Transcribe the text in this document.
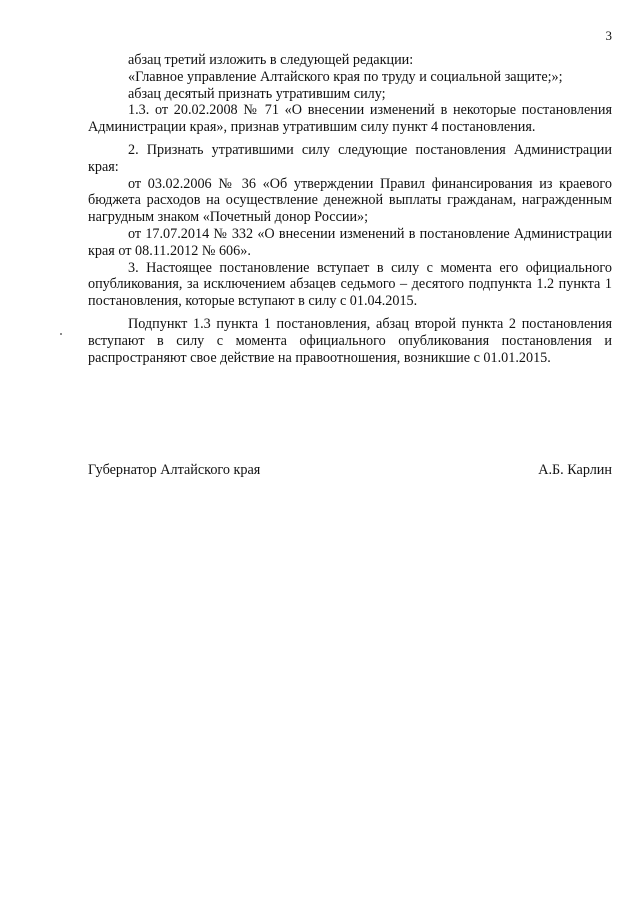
3

абзац третий изложить в следующей редакции:

«Главное управление Алтайского края по труду и социальной защите;»;

абзац десятый признать утратившим силу;

1.3. от 20.02.2008 № 71 «О внесении изменений в некоторые постановления Администрации края», признав утратившим силу пункт 4 постановления.

2. Признать утратившими силу следующие постановления Администрации края:

от 03.02.2006 № 36 «Об утверждении Правил финансирования из краевого бюджета расходов на осуществление денежной выплаты гражданам, награжденным нагрудным знаком «Почетный донор России»;

от 17.07.2014 № 332 «О внесении изменений в постановление Администрации края от 08.11.2012 № 606».

3. Настоящее постановление вступает в силу с момента его официального опубликования, за исключением абзацев седьмого – десятого подпункта 1.2 пункта 1 постановления, которые вступают в силу с 01.04.2015.

Подпункт 1.3 пункта 1 постановления, абзац второй пункта 2 постановления вступают в силу с момента официального опубликования постановления и распространяют свое действие на правоотношения, возникшие с 01.01.2015.

Губернатор Алтайского края	А.Б. Карлин
